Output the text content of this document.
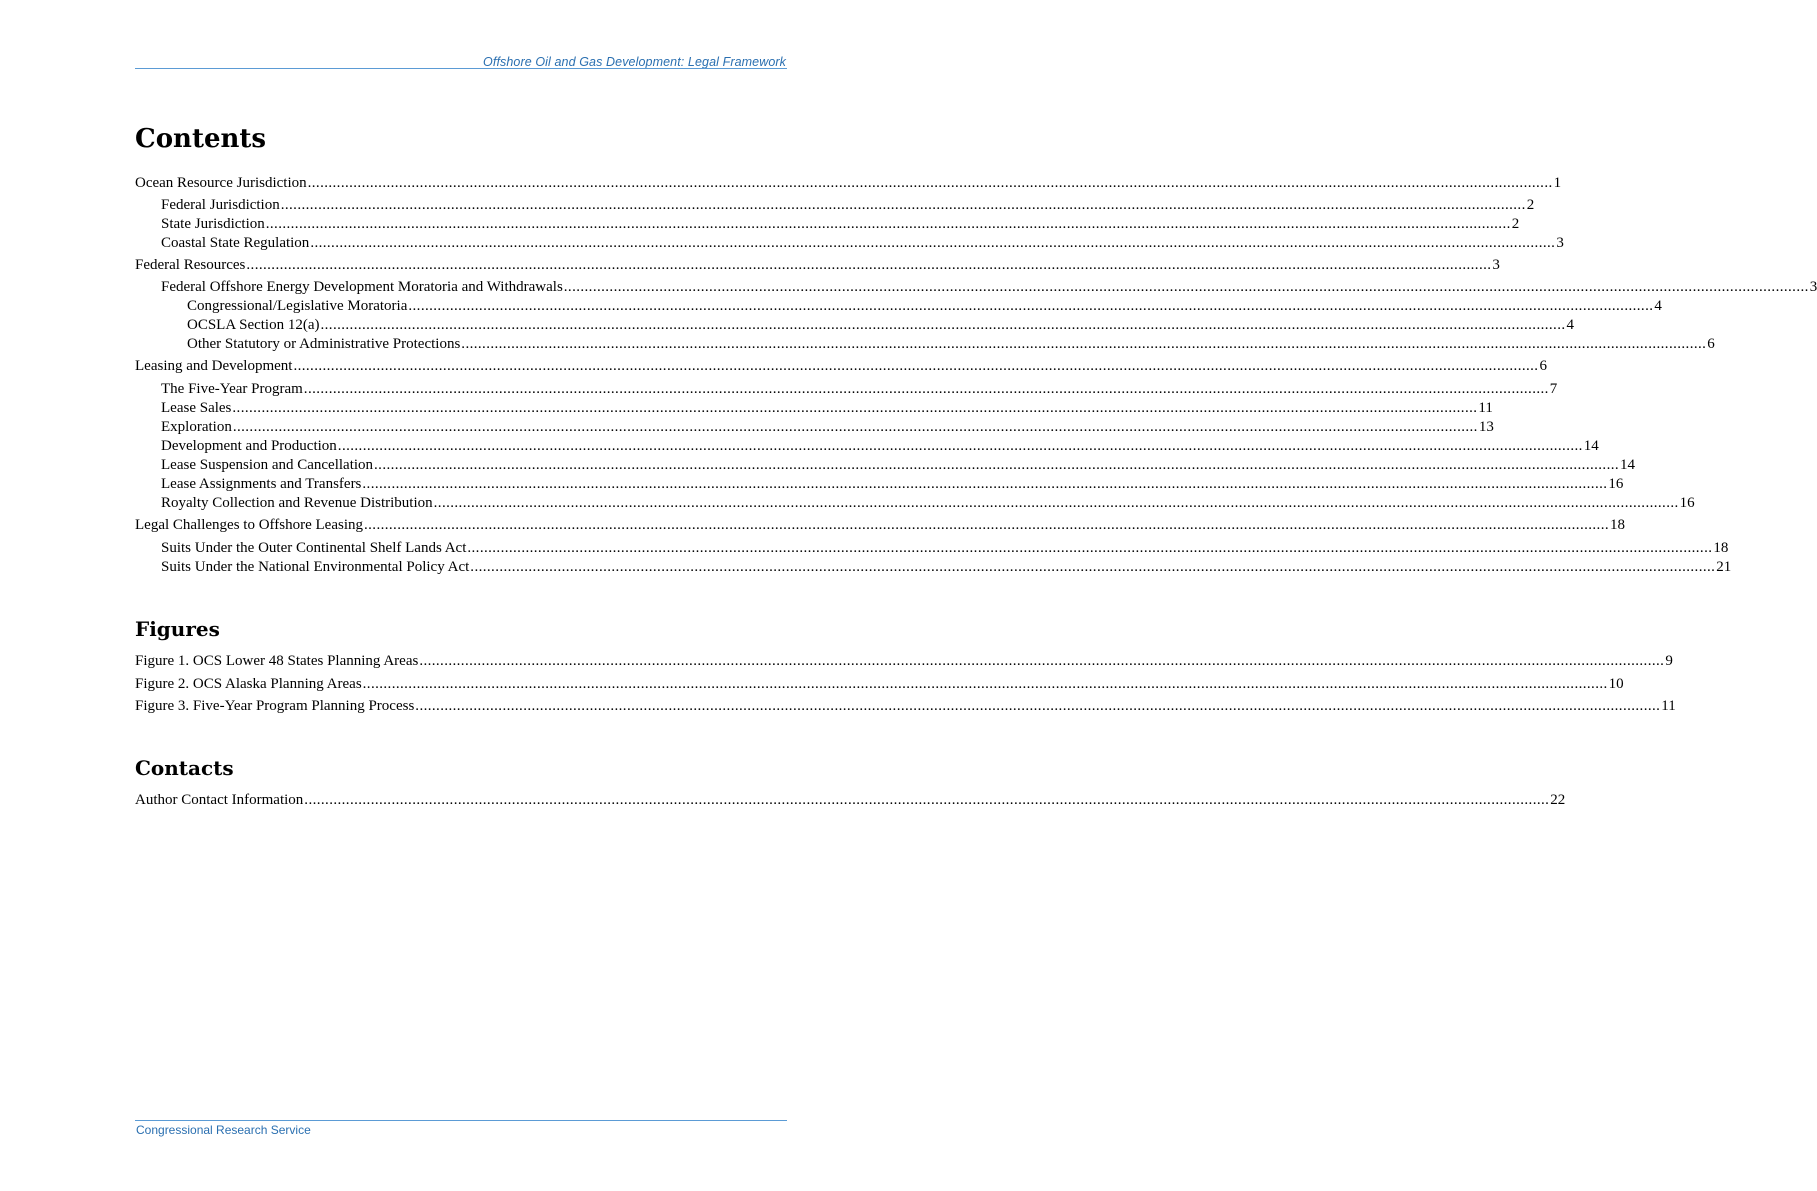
Offshore Oil and Gas Development: Legal Framework
Contents
Ocean Resource Jurisdiction ............................................................................................................................................................................................................................................................................................................ 1
Federal Jurisdiction ............................................................................................................................................................................................................................................................................................................ 2
State Jurisdiction ............................................................................................................................................................................................................................................................................................................ 2
Coastal State Regulation ............................................................................................................................................................................................................................................................................................................ 3
Federal Resources ............................................................................................................................................................................................................................................................................................................ 3
Federal Offshore Energy Development Moratoria and Withdrawals ............................................................................................................................................................................................................................................................................................................ 3
Congressional/Legislative Moratoria ............................................................................................................................................................................................................................................................................................................ 4
OCSLA Section 12(a) ............................................................................................................................................................................................................................................................................................................ 4
Other Statutory or Administrative Protections ............................................................................................................................................................................................................................................................................................................ 6
Leasing and Development ............................................................................................................................................................................................................................................................................................................ 6
The Five-Year Program ............................................................................................................................................................................................................................................................................................................ 7
Lease Sales ............................................................................................................................................................................................................................................................................................................ 11
Exploration ............................................................................................................................................................................................................................................................................................................ 13
Development and Production ............................................................................................................................................................................................................................................................................................................ 14
Lease Suspension and Cancellation ............................................................................................................................................................................................................................................................................................................ 14
Lease Assignments and Transfers ............................................................................................................................................................................................................................................................................................................ 16
Royalty Collection and Revenue Distribution ............................................................................................................................................................................................................................................................................................................ 16
Legal Challenges to Offshore Leasing ............................................................................................................................................................................................................................................................................................................ 18
Suits Under the Outer Continental Shelf Lands Act ............................................................................................................................................................................................................................................................................................................ 18
Suits Under the National Environmental Policy Act ............................................................................................................................................................................................................................................................................................................ 21
Figures
Figure 1. OCS Lower 48 States Planning Areas ............................................................................................................................................................................................................................................................................................................ 9
Figure 2. OCS Alaska Planning Areas ............................................................................................................................................................................................................................................................................................................ 10
Figure 3. Five-Year Program Planning Process ............................................................................................................................................................................................................................................................................................................ 11
Contacts
Author Contact Information ............................................................................................................................................................................................................................................................................................................ 22
Congressional Research Service
